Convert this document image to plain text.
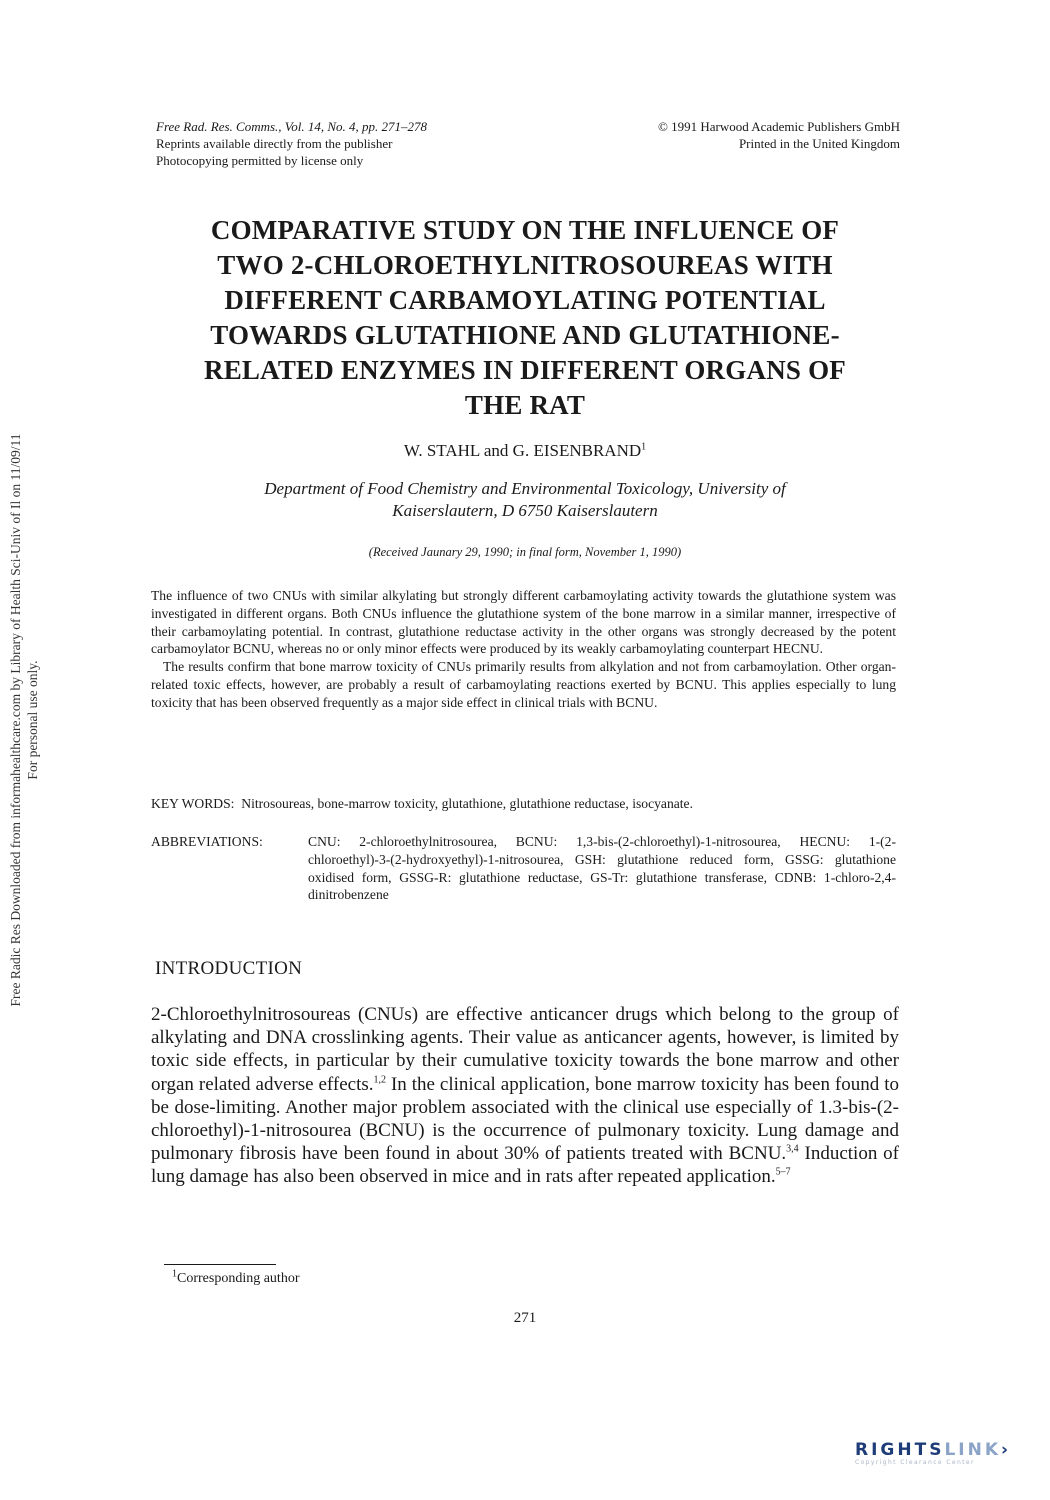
Free Rad. Res. Comms., Vol. 14, No. 4, pp. 271–278
Reprints available directly from the publisher
Photocopying permitted by license only
© 1991 Harwood Academic Publishers GmbH
Printed in the United Kingdom
COMPARATIVE STUDY ON THE INFLUENCE OF
TWO 2-CHLOROETHYLNITROSOUREAS WITH
DIFFERENT CARBAMOYLATING POTENTIAL
TOWARDS GLUTATHIONE AND GLUTATHIONE-
RELATED ENZYMES IN DIFFERENT ORGANS OF
THE RAT
W. STAHL and G. EISENBRAND$^1$
Department of Food Chemistry and Environmental Toxicology, University of
Kaiserslautern, D 6750 Kaiserslautern
(Received Jaunary 29, 1990; in final form, November 1, 1990)

The influence of two CNUs with similar alkylating but strongly different carbamoylating activity towards the glutathione system was investigated in different organs. Both CNUs influence the glutathione system of the bone marrow in a similar manner, irrespective of their carbamoylating potential. In contrast, glutathione reductase activity in the other organs was strongly decreased by the potent carbamoylator BCNU, whereas no or only minor effects were produced by its weakly carbamoylating counterpart HECNU.

The results confirm that bone marrow toxicity of CNUs primarily results from alkylation and not from carbamoylation. Other organ-related toxic effects, however, are probably a result of carbamoylating reactions exerted by BCNU. This applies especially to lung toxicity that has been observed frequently as a major side effect in clinical trials with BCNU.

KEY WORDS: Nitrosoureas, bone-marrow toxicity, glutathione, glutathione reductase, isocyanate.
ABBREVIATIONS:	CNU: 2-chloroethylnitrosourea, BCNU: 1,3-bis-(2-chloroethyl)-1-nitrosourea, HECNU: 1-(2-chloroethyl)-3-(2-hydroxyethyl)-1-nitrosourea, GSH: glutathione reduced form, GSSG: glutathione oxidised form, GSSG-R: glutathione reductase, GS-Tr: glutathione transferase, CDNB: 1-chloro-2,4-dinitrobenzene
INTRODUCTION

2-Chloroethylnitrosoureas (CNUs) are effective anticancer drugs which belong to the group of alkylating and DNA crosslinking agents. Their value as anticancer agents, however, is limited by toxic side effects, in particular by their cumulative toxicity towards the bone marrow and other organ related adverse effects.$^{1,2}$ In the clinical application, bone marrow toxicity has been found to be dose-limiting. Another major problem associated with the clinical use especially of 1.3-bis-(2-chloroethyl)-1-nitrosourea (BCNU) is the occurrence of pulmonary toxicity. Lung damage and pulmonary fibrosis have been found in about 30% of patients treated with BCNU.$^{3,4}$ Induction of lung damage has also been observed in mice and in rats after repeated application.$^{5-7}$

$^1$Corresponding author
271
Free Radic Res Downloaded from informahealthcare.com by Library of Health Sci-Univ of Il on 11/09/11 For personal use only.
RIGHTSLINK›
Copyright Clearance Center
